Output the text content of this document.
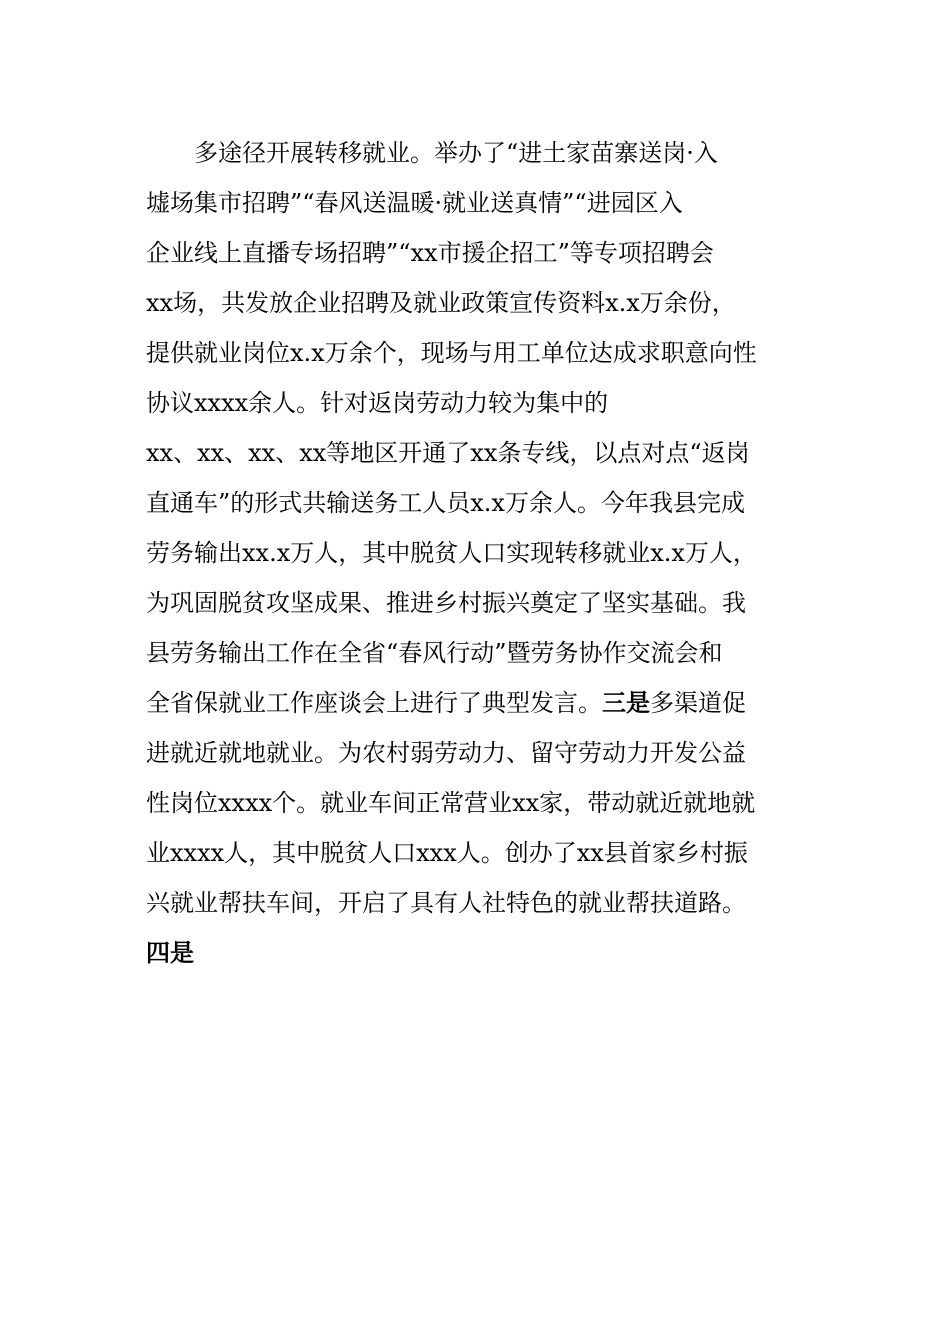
多途径开展转移就业。举办了“进土家苗寨送岗·入
墟场集市招聘”“春风送温暖·就业送真情”“进园区入
企业线上直播专场招聘”“xx市援企招工”等专项招聘会
xx场，共发放企业招聘及就业政策宣传资料x.x万余份，
提供就业岗位x.x万余个，现场与用工单位达成求职意向性
协议xxxx余人。针对返岗劳动力较为集中的
xx、xx、xx、xx等地区开通了xx条专线，以点对点“返岗
直通车”的形式共输送务工人员x.x万余人。今年我县完成
劳务输出xx.x万人，其中脱贫人口实现转移就业x.x万人，
为巩固脱贫攻坚成果、推进乡村振兴奠定了坚实基础。我
县劳务输出工作在全省“春风行动”暨劳务协作交流会和
全省保就业工作座谈会上进行了典型发言。三是多渠道促
进就近就地就业。为农村弱劳动力、留守劳动力开发公益
性岗位xxxx个。就业车间正常营业xx家，带动就近就地就
业xxxx人，其中脱贫人口xxx人。创办了xx县首家乡村振
兴就业帮扶车间，开启了具有人社特色的就业帮扶道路。
四是
